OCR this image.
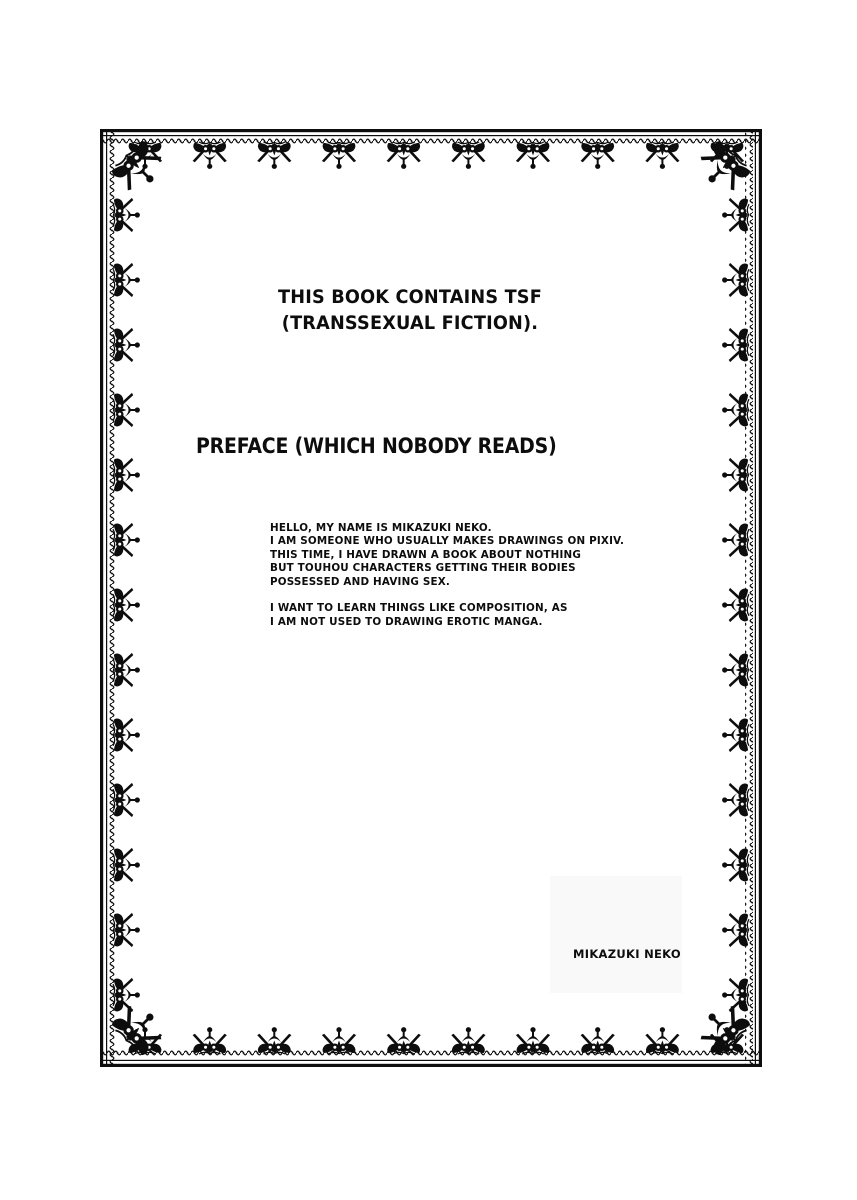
THIS BOOK CONTAINS TSF
(TRANSSEXUAL FICTION).
PREFACE (WHICH NOBODY READS)

HELLO, MY NAME IS MIKAZUKI NEKO.
I AM SOMEONE WHO USUALLY MAKES DRAWINGS ON PIXIV.
THIS TIME, I HAVE DRAWN A BOOK ABOUT NOTHING
BUT TOUHOU CHARACTERS GETTING THEIR BODIES
POSSESSED AND HAVING SEX.

I WANT TO LEARN THINGS LIKE COMPOSITION, AS
I AM NOT USED TO DRAWING EROTIC MANGA.

MIKAZUKI NEKO
